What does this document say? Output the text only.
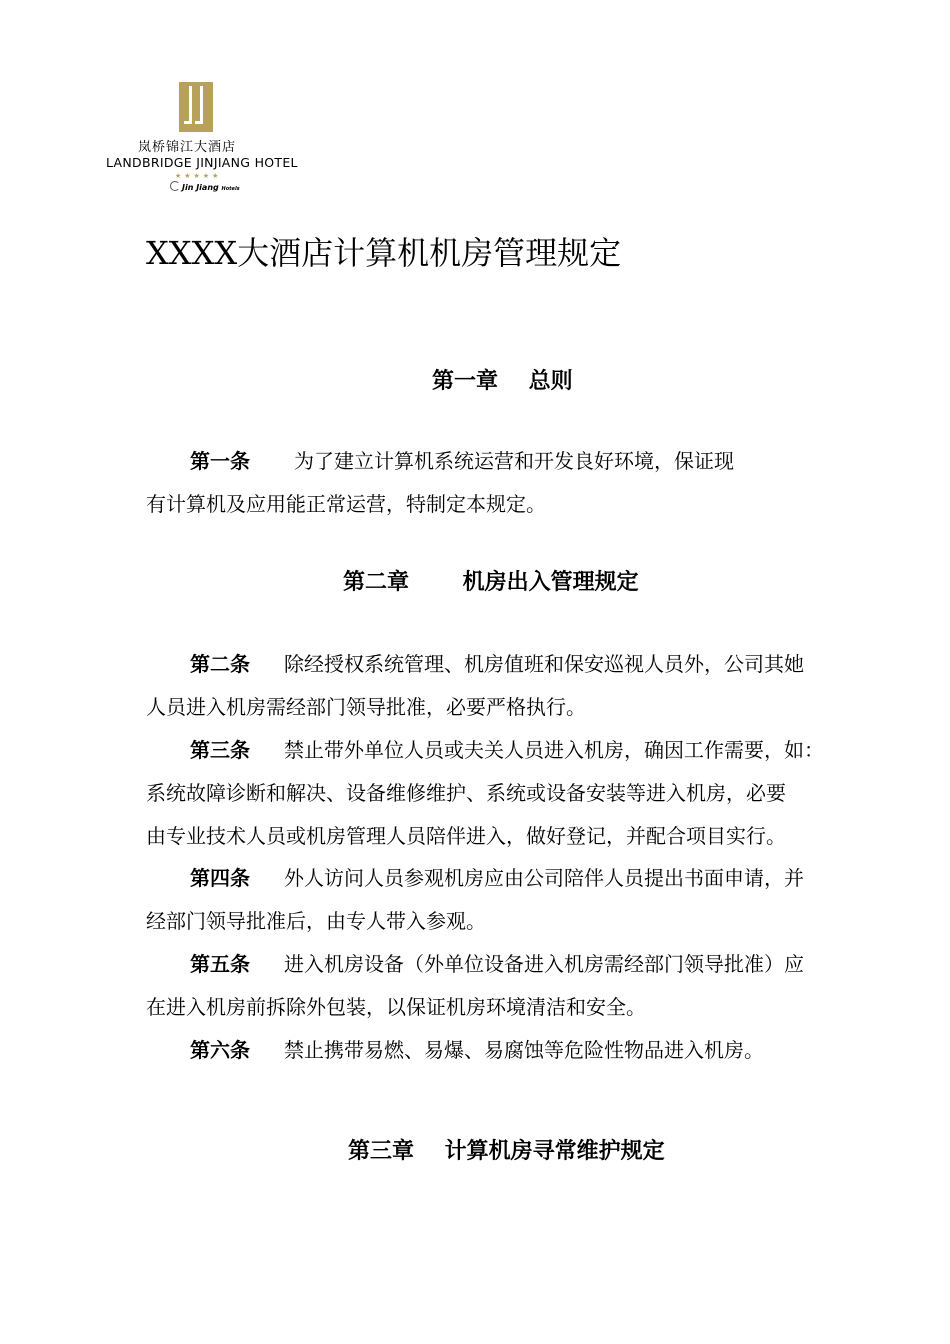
岚桥锦江大酒店
LANDBRIDGE JINJIANG HOTEL
★★★★★
Jin Jiang Hotels
XXXX大酒店计算机机房管理规定
第一章    总则
第一条 为了建立计算机系统运营和开发良好环境，保证现
有计算机及应用能正常运营，特制定本规定。
第二章       机房出入管理规定
第二条 除经授权系统管理、机房值班和保安巡视人员外，公司其她
人员进入机房需经部门领导批准，必要严格执行。
第三条 禁止带外单位人员或夫关人员进入机房，确因工作需要，如：
系统故障诊断和解决、设备维修维护、系统或设备安装等进入机房，必要
由专业技术人员或机房管理人员陪伴进入，做好登记，并配合项目实行。
第四条 外人访问人员参观机房应由公司陪伴人员提出书面申请，并
经部门领导批准后，由专人带入参观。
第五条 进入机房设备（外单位设备进入机房需经部门领导批准）应
在进入机房前拆除外包装，以保证机房环境清洁和安全。
第六条 禁止携带易燃、易爆、易腐蚀等危险性物品进入机房。
第三章    计算机房寻常维护规定
